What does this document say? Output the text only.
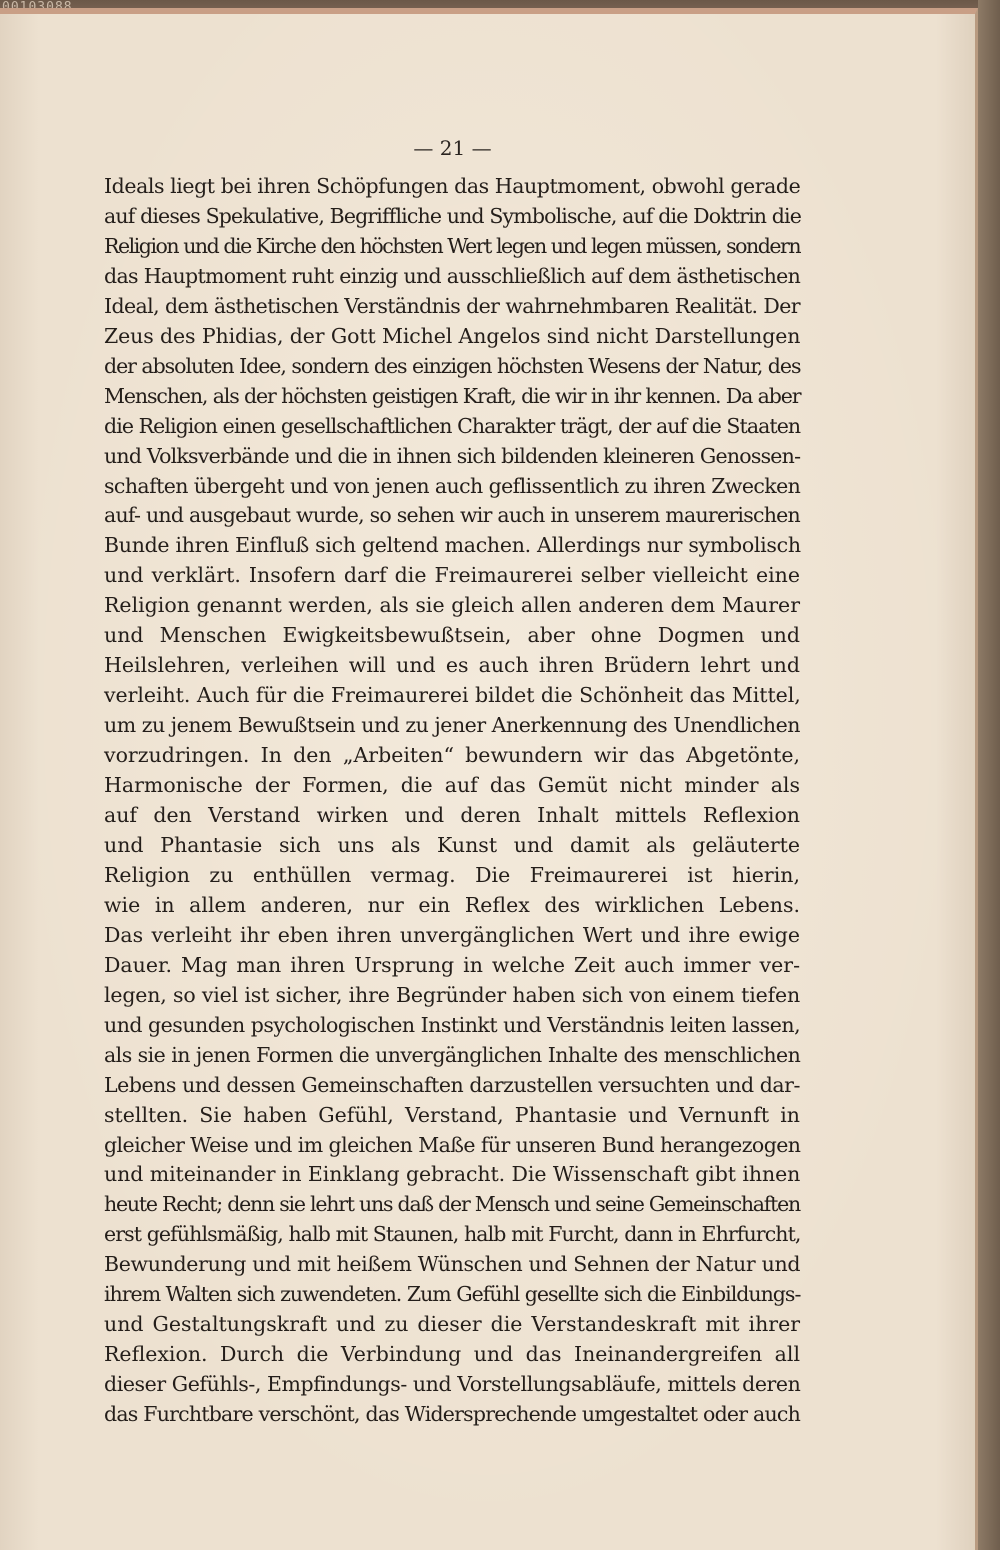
— 21 —
Ideals liegt bei ihren Schöpfungen das Hauptmoment, obwohl gerade
auf dieses Spekulative, Begriffliche und Symbolische, auf die Doktrin die
Religion und die Kirche den höchsten Wert legen und legen müssen, sondern
das Hauptmoment ruht einzig und ausschließlich auf dem ästhetischen
Ideal, dem ästhetischen Verständnis der wahrnehmbaren Realität. Der
Zeus des Phidias, der Gott Michel Angelos sind nicht Darstellungen
der absoluten Idee, sondern des einzigen höchsten Wesens der Natur, des
Menschen, als der höchsten geistigen Kraft, die wir in ihr kennen. Da aber
die Religion einen gesellschaftlichen Charakter trägt, der auf die Staaten
und Volksverbände und die in ihnen sich bildenden kleineren Genossen-
schaften übergeht und von jenen auch geflissentlich zu ihren Zwecken
auf- und ausgebaut wurde, so sehen wir auch in unserem maurerischen
Bunde ihren Einfluß sich geltend machen. Allerdings nur symbolisch
und verklärt. Insofern darf die Freimaurerei selber vielleicht eine
Religion genannt werden, als sie gleich allen anderen dem Maurer
und Menschen Ewigkeitsbewußtsein, aber ohne Dogmen und
Heilslehren, verleihen will und es auch ihren Brüdern lehrt und
verleiht. Auch für die Freimaurerei bildet die Schönheit das Mittel,
um zu jenem Bewußtsein und zu jener Anerkennung des Unendlichen
vorzudringen. In den „Arbeiten“ bewundern wir das Abgetönte,
Harmonische der Formen, die auf das Gemüt nicht minder als
auf den Verstand wirken und deren Inhalt mittels Reflexion
und Phantasie sich uns als Kunst und damit als geläuterte
Religion zu enthüllen vermag. Die Freimaurerei ist hierin,
wie in allem anderen, nur ein Reflex des wirklichen Lebens.
Das verleiht ihr eben ihren unvergänglichen Wert und ihre ewige
Dauer. Mag man ihren Ursprung in welche Zeit auch immer ver-
legen, so viel ist sicher, ihre Begründer haben sich von einem tiefen
und gesunden psychologischen Instinkt und Verständnis leiten lassen,
als sie in jenen Formen die unvergänglichen Inhalte des menschlichen
Lebens und dessen Gemeinschaften darzustellen versuchten und dar-
stellten. Sie haben Gefühl, Verstand, Phantasie und Vernunft in
gleicher Weise und im gleichen Maße für unseren Bund herangezogen
und miteinander in Einklang gebracht. Die Wissenschaft gibt ihnen
heute Recht; denn sie lehrt uns daß der Mensch und seine Gemeinschaften
erst gefühlsmäßig, halb mit Staunen, halb mit Furcht, dann in Ehrfurcht,
Bewunderung und mit heißem Wünschen und Sehnen der Natur und
ihrem Walten sich zuwendeten. Zum Gefühl gesellte sich die Einbildungs-
und Gestaltungskraft und zu dieser die Verstandeskraft mit ihrer
Reflexion. Durch die Verbindung und das Ineinandergreifen all
dieser Gefühls-, Empfindungs- und Vorstellungsabläufe, mittels deren
das Furchtbare verschönt, das Widersprechende umgestaltet oder auch
